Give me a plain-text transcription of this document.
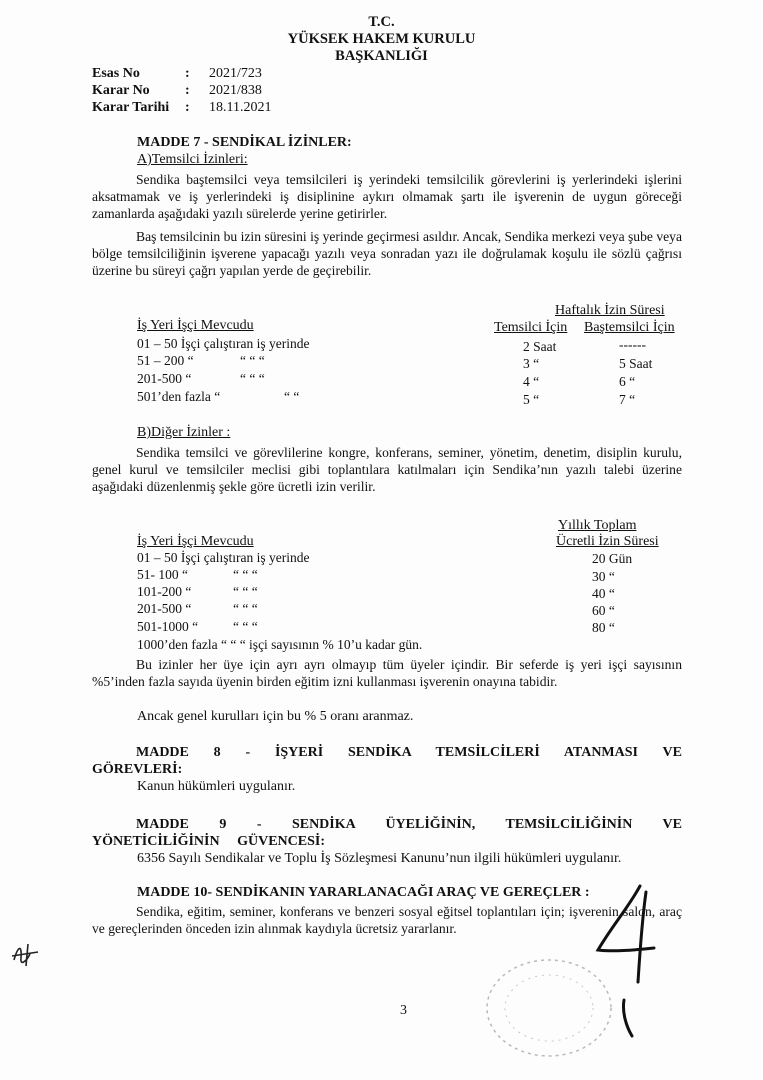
T.C.
YÜKSEK HAKEM KURULU
BAŞKANLIĞI
Esas No	: 2021/723
Karar No	: 2021/838
Karar Tarihi : 18.11.2021
MADDE 7 - SENDİKAL İZİNLER:
A)Temsilci İzinleri:
Sendika baştemsilci veya temsilcileri iş yerindeki temsilcilik görevlerini iş yerlerindeki işlerini aksatmamak ve iş yerlerindeki iş disiplinine aykırı olmamak şartı ile işverenin de uygun göreceği zamanlarda aşağıdaki yazılı sürelerde yerine getirirler.
Baş temsilcinin bu izin süresini iş yerinde geçirmesi asıldır. Ancak, Sendika merkezi veya şube veya bölge temsilciliğinin işverene yapacağı yazılı veya sonradan yazı ile doğrulamak koşulu ile sözlü çağrısı üzerine bu süreyi çağrı yapılan yerde de geçirebilir.
Haftalık İzin Süresi
İş Yeri İşçi Mevcudu	Temsilci İçin Baştemsilci İçin
01 – 50 İşçi çalıştıran iş yerinde	2 Saat	------
51 – 200 “	“ “ “	3 “	5 Saat
201-500 “	“ “ “	4 “	6 “
501’den fazla “	“ “	5 “	7 “
B)Diğer İzinler :
Sendika temsilci ve görevlilerine kongre, konferans, seminer, yönetim, denetim, disiplin kurulu, genel kurul ve temsilciler meclisi gibi toplantılara katılmaları için Sendika’nın yazılı talebi üzerine aşağıdaki düzenlenmiş şekle göre ücretli izin verilir.
Yıllık Toplam
İş Yeri İşçi Mevcudu	Ücretli İzin Süresi
01 – 50 İşçi çalıştıran iş yerinde	20 Gün
51- 100 “	“ “ “	30 “
101-200 “	“ “ “	40 “
201-500 “	“ “ “	60 “
501-1000 “	“ “ “	80 “
1000’den fazla “ “ “ işçi sayısının % 10’u kadar gün.
Bu izinler her üye için ayrı ayrı olmayıp tüm üyeler içindir. Bir seferde iş yeri işçi sayısının %5’inden fazla sayıda üyenin birden eğitim izni kullanması işverenin onayına tabidir.
Ancak genel kurulları için bu % 5 oranı aranmaz.
MADDE 8 - İŞYERİ SENDİKA TEMSİLCİLERİ ATANMASI VE GÖREVLERİ:
Kanun hükümleri uygulanır.
MADDE 9 - SENDİKA ÜYELİĞİNİN, TEMSİLCİLİĞİNİN VE YÖNETİCİLİĞİNİN GÜVENCESİ:
6356 Sayılı Sendikalar ve Toplu İş Sözleşmesi Kanunu’nun ilgili hükümleri uygulanır.
MADDE 10- SENDİKANIN YARARLANACAĞI ARAÇ VE GEREÇLER :
Sendika, eğitim, seminer, konferans ve benzeri sosyal eğitsel toplantıları için; işverenin salon, araç ve gereçlerinden önceden izin alınmak kaydıyla ücretsiz yararlanır.
3
